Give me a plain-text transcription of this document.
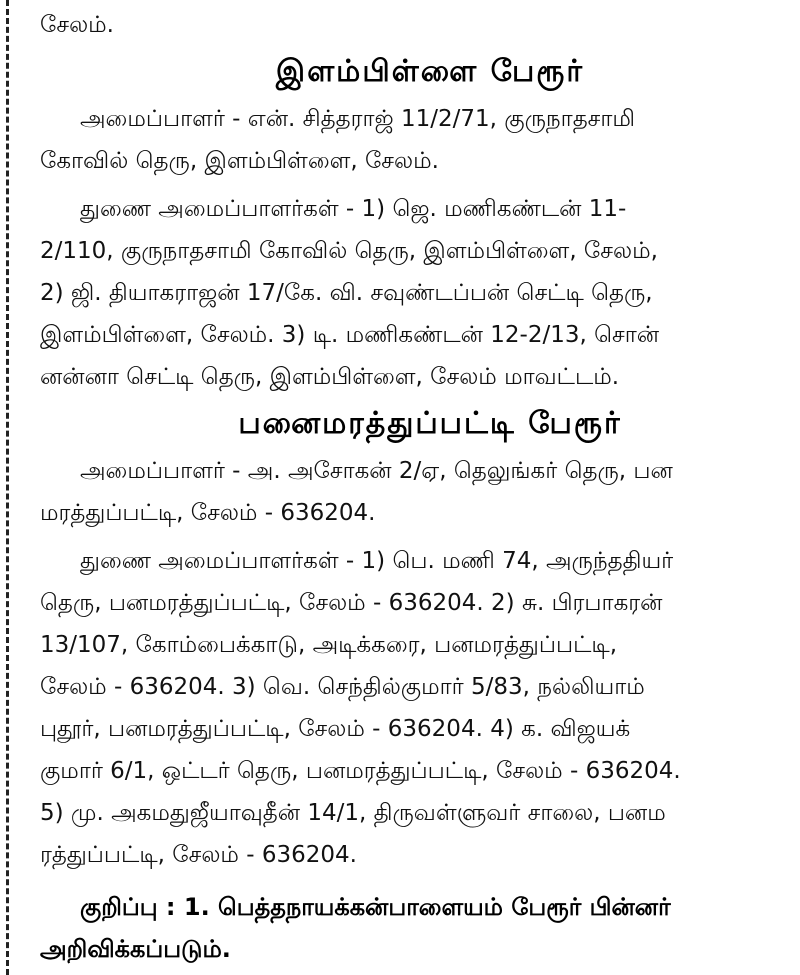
சேலம்.
இளம்பிள்ளை பேரூர்
அமைப்பாளர் - என். சித்தராஜ் 11/2/71, குருநாதசாமி
கோவில் தெரு, இளம்பிள்ளை, சேலம்.
துணை அமைப்பாளர்கள் - 1) ஜெ. மணிகண்டன் 11-
2/110, குருநாதசாமி கோவில் தெரு, இளம்பிள்ளை, சேலம்,
2) ஜி. தியாகராஜன் 17/கே. வி. சவுண்டப்பன் செட்டி தெரு,
இளம்பிள்ளை, சேலம். 3) டி. மணிகண்டன் 12-2/13, சொன்
னன்னா செட்டி தெரு, இளம்பிள்ளை, சேலம் மாவட்டம்.
பனைமரத்துப்பட்டி பேரூர்
அமைப்பாளர் - அ. அசோகன் 2/ஏ, தெலுங்கர் தெரு, பன
மரத்துப்பட்டி, சேலம் - 636204.
துணை அமைப்பாளர்கள் - 1) பெ. மணி 74, அருந்ததியர்
தெரு, பனமரத்துப்பட்டி, சேலம் - 636204. 2) சு. பிரபாகரன்
13/107, கோம்பைக்காடு, அடிக்கரை, பனமரத்துப்பட்டி,
சேலம் - 636204. 3) வெ. செந்தில்குமார் 5/83, நல்லியாம்
புதூர், பனமரத்துப்பட்டி, சேலம் - 636204. 4) க. விஜயக்
குமார் 6/1, ஒட்டர் தெரு, பனமரத்துப்பட்டி, சேலம் - 636204.
5) மு. அகமதுஜீயாவுதீன் 14/1, திருவள்ளுவர் சாலை, பனம
ரத்துப்பட்டி, சேலம் - 636204.
குறிப்பு : 1. பெத்தநாயக்கன்பாளையம் பேரூர் பின்னர்
அறிவிக்கப்படும்.
